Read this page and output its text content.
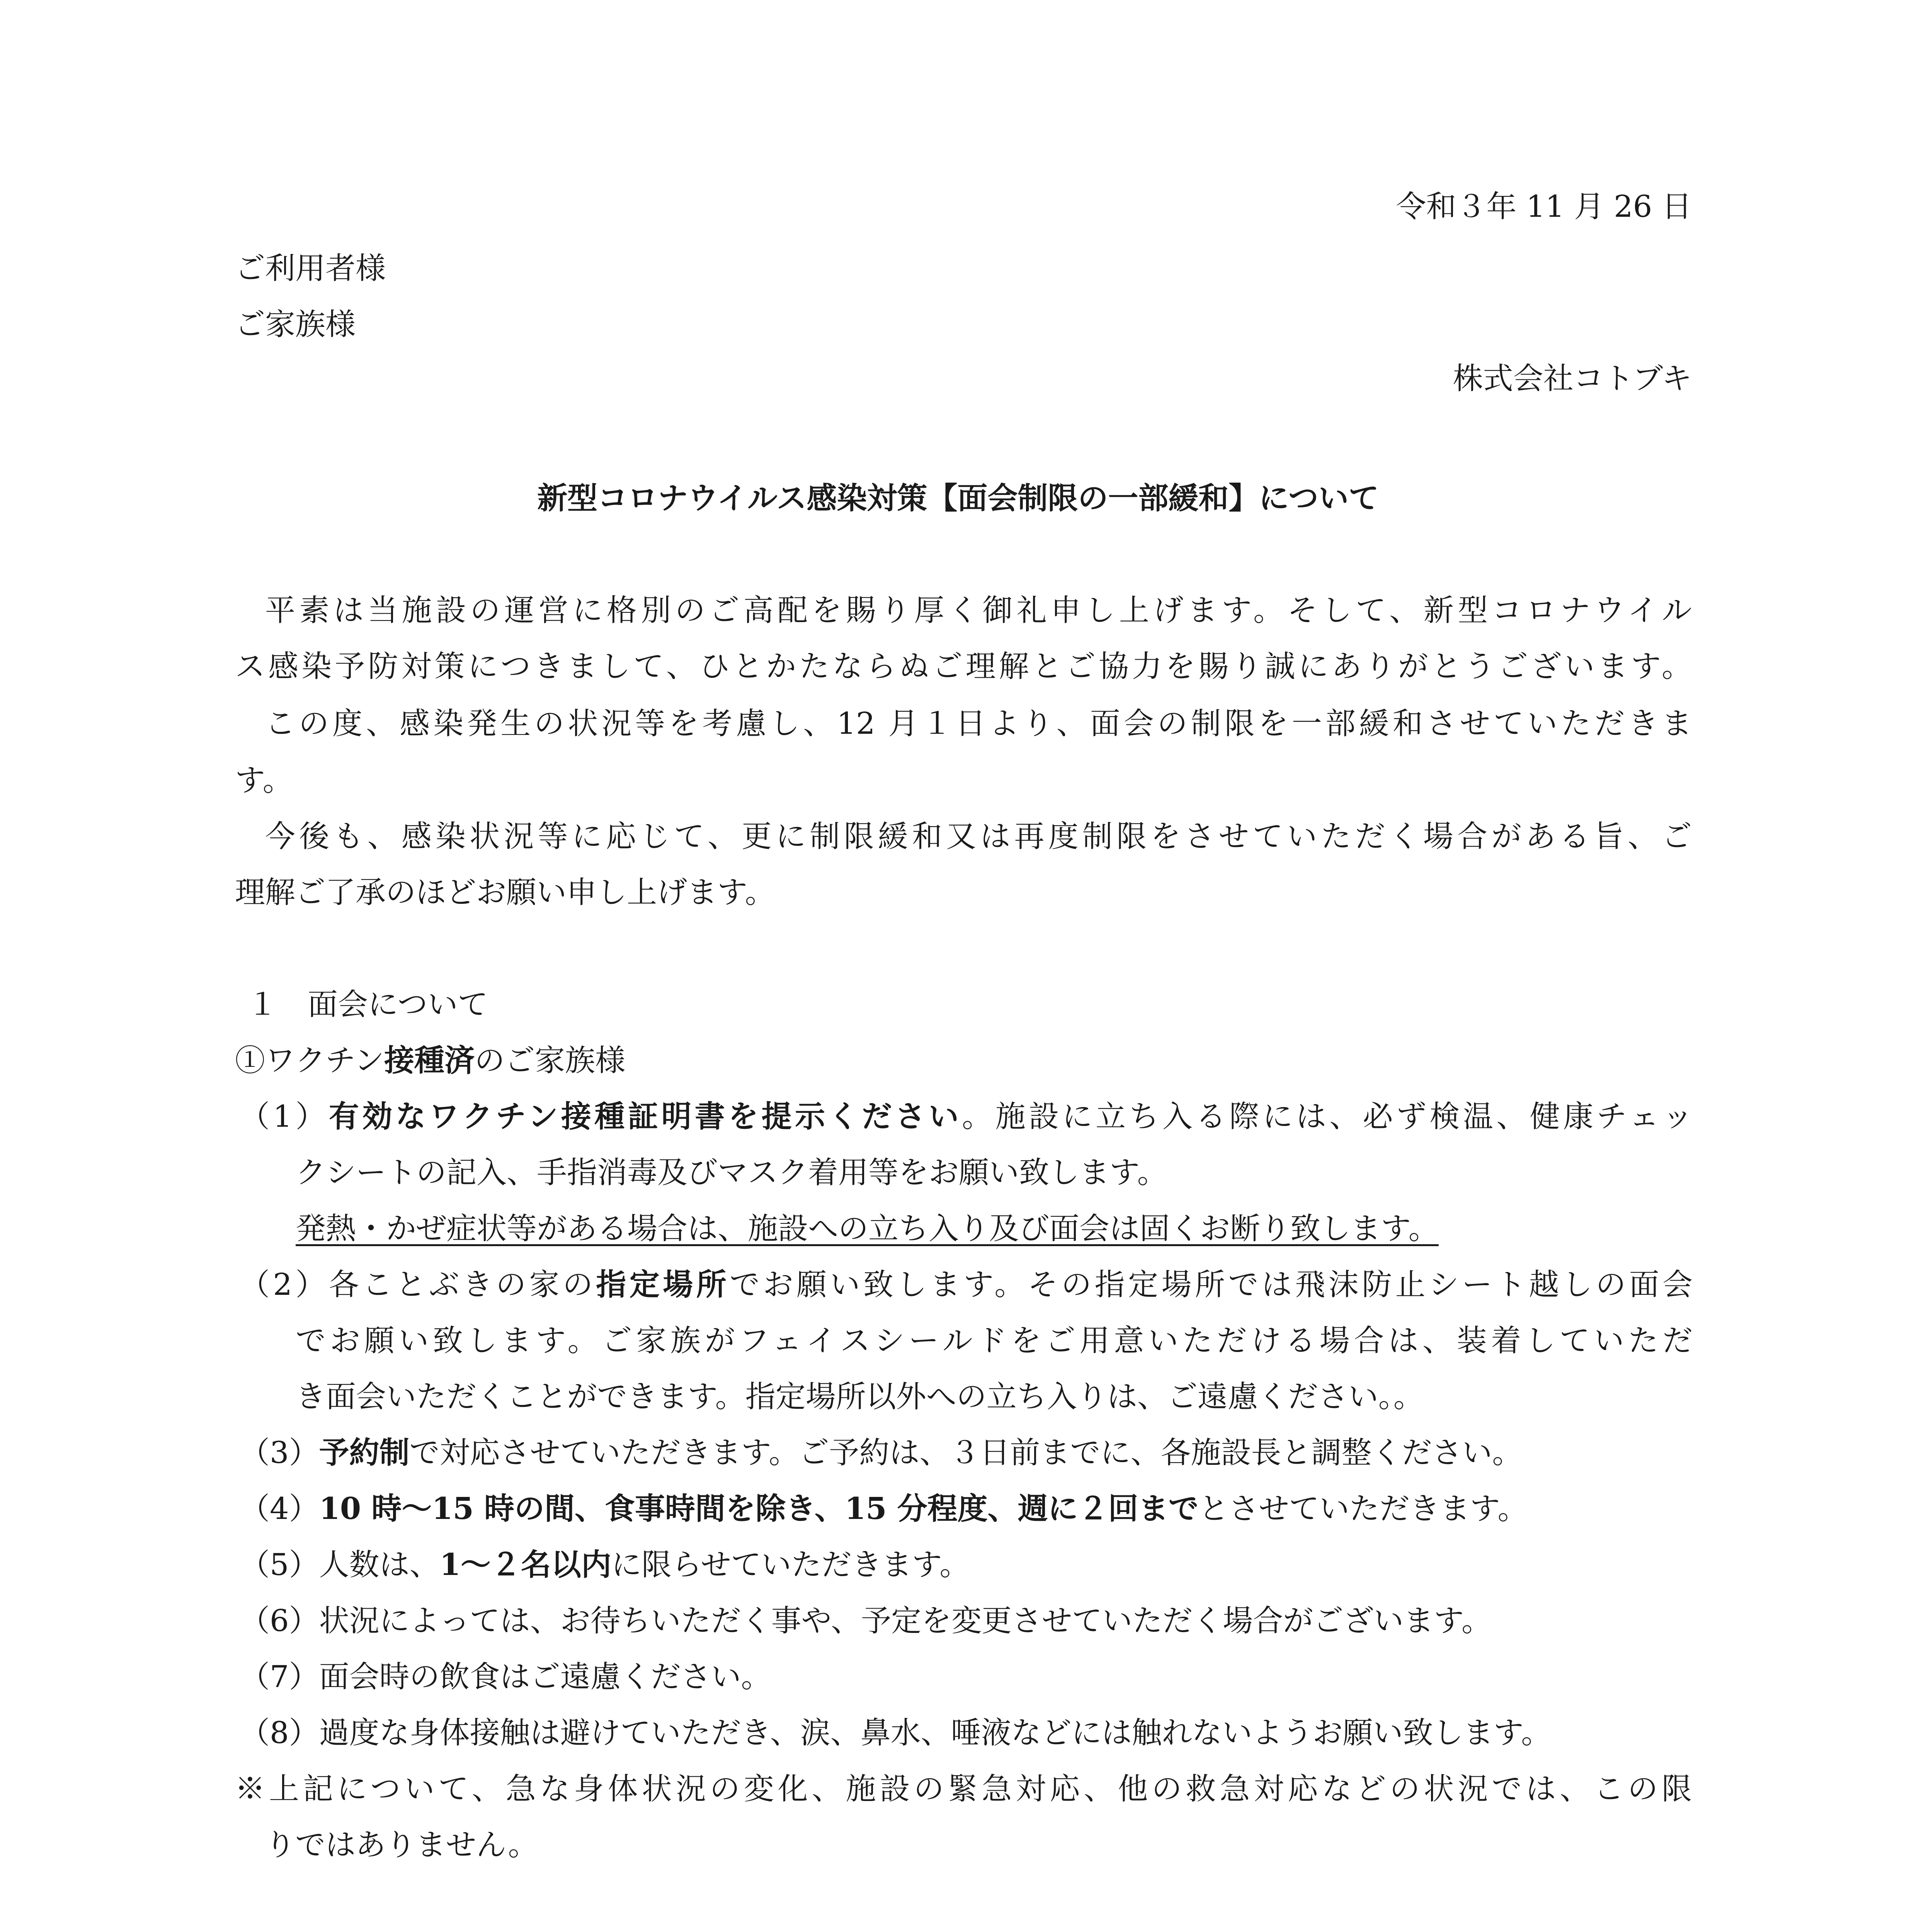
令和３年 11 月 26 日
ご利用者様
ご家族様
株式会社コトブキ
新型コロナウイルス感染対策【面会制限の一部緩和】について
平素は当施設の運営に格別のご高配を賜り厚く御礼申し上げます。そして、新型コロナウイル
ス感染予防対策につきまして、ひとかたならぬご理解とご協力を賜り誠にありがとうございます。
この度、感染発生の状況等を考慮し、12 月１日より、面会の制限を一部緩和させていただきま
す。
今後も、感染状況等に応じて、更に制限緩和又は再度制限をさせていただく場合がある旨、ご
理解ご了承のほどお願い申し上げます。
１　面会について
①ワクチン接種済のご家族様
（1）有効なワクチン接種証明書を提示ください。施設に立ち入る際には、必ず検温、健康チェッ
クシートの記入、手指消毒及びマスク着用等をお願い致します。
発熱・かぜ症状等がある場合は、施設への立ち入り及び面会は固くお断り致します。
（2）各ことぶきの家の指定場所でお願い致します。その指定場所では飛沫防止シート越しの面会
でお願い致します。ご家族がフェイスシールドをご用意いただける場合は、装着していただ
き面会いただくことができます。指定場所以外への立ち入りは、ご遠慮ください。。
（3）予約制で対応させていただきます。ご予約は、３日前までに、各施設長と調整ください。
（4）10 時～15 時の間、食事時間を除き、15 分程度、週に２回までとさせていただきます。
（5）人数は、1～２名以内に限らせていただきます。
（6）状況によっては、お待ちいただく事や、予定を変更させていただく場合がございます。
（7）面会時の飲食はご遠慮ください。
（8）過度な身体接触は避けていただき、涙、鼻水、唾液などには触れないようお願い致します。
※上記について、急な身体状況の変化、施設の緊急対応、他の救急対応などの状況では、この限
りではありません。
